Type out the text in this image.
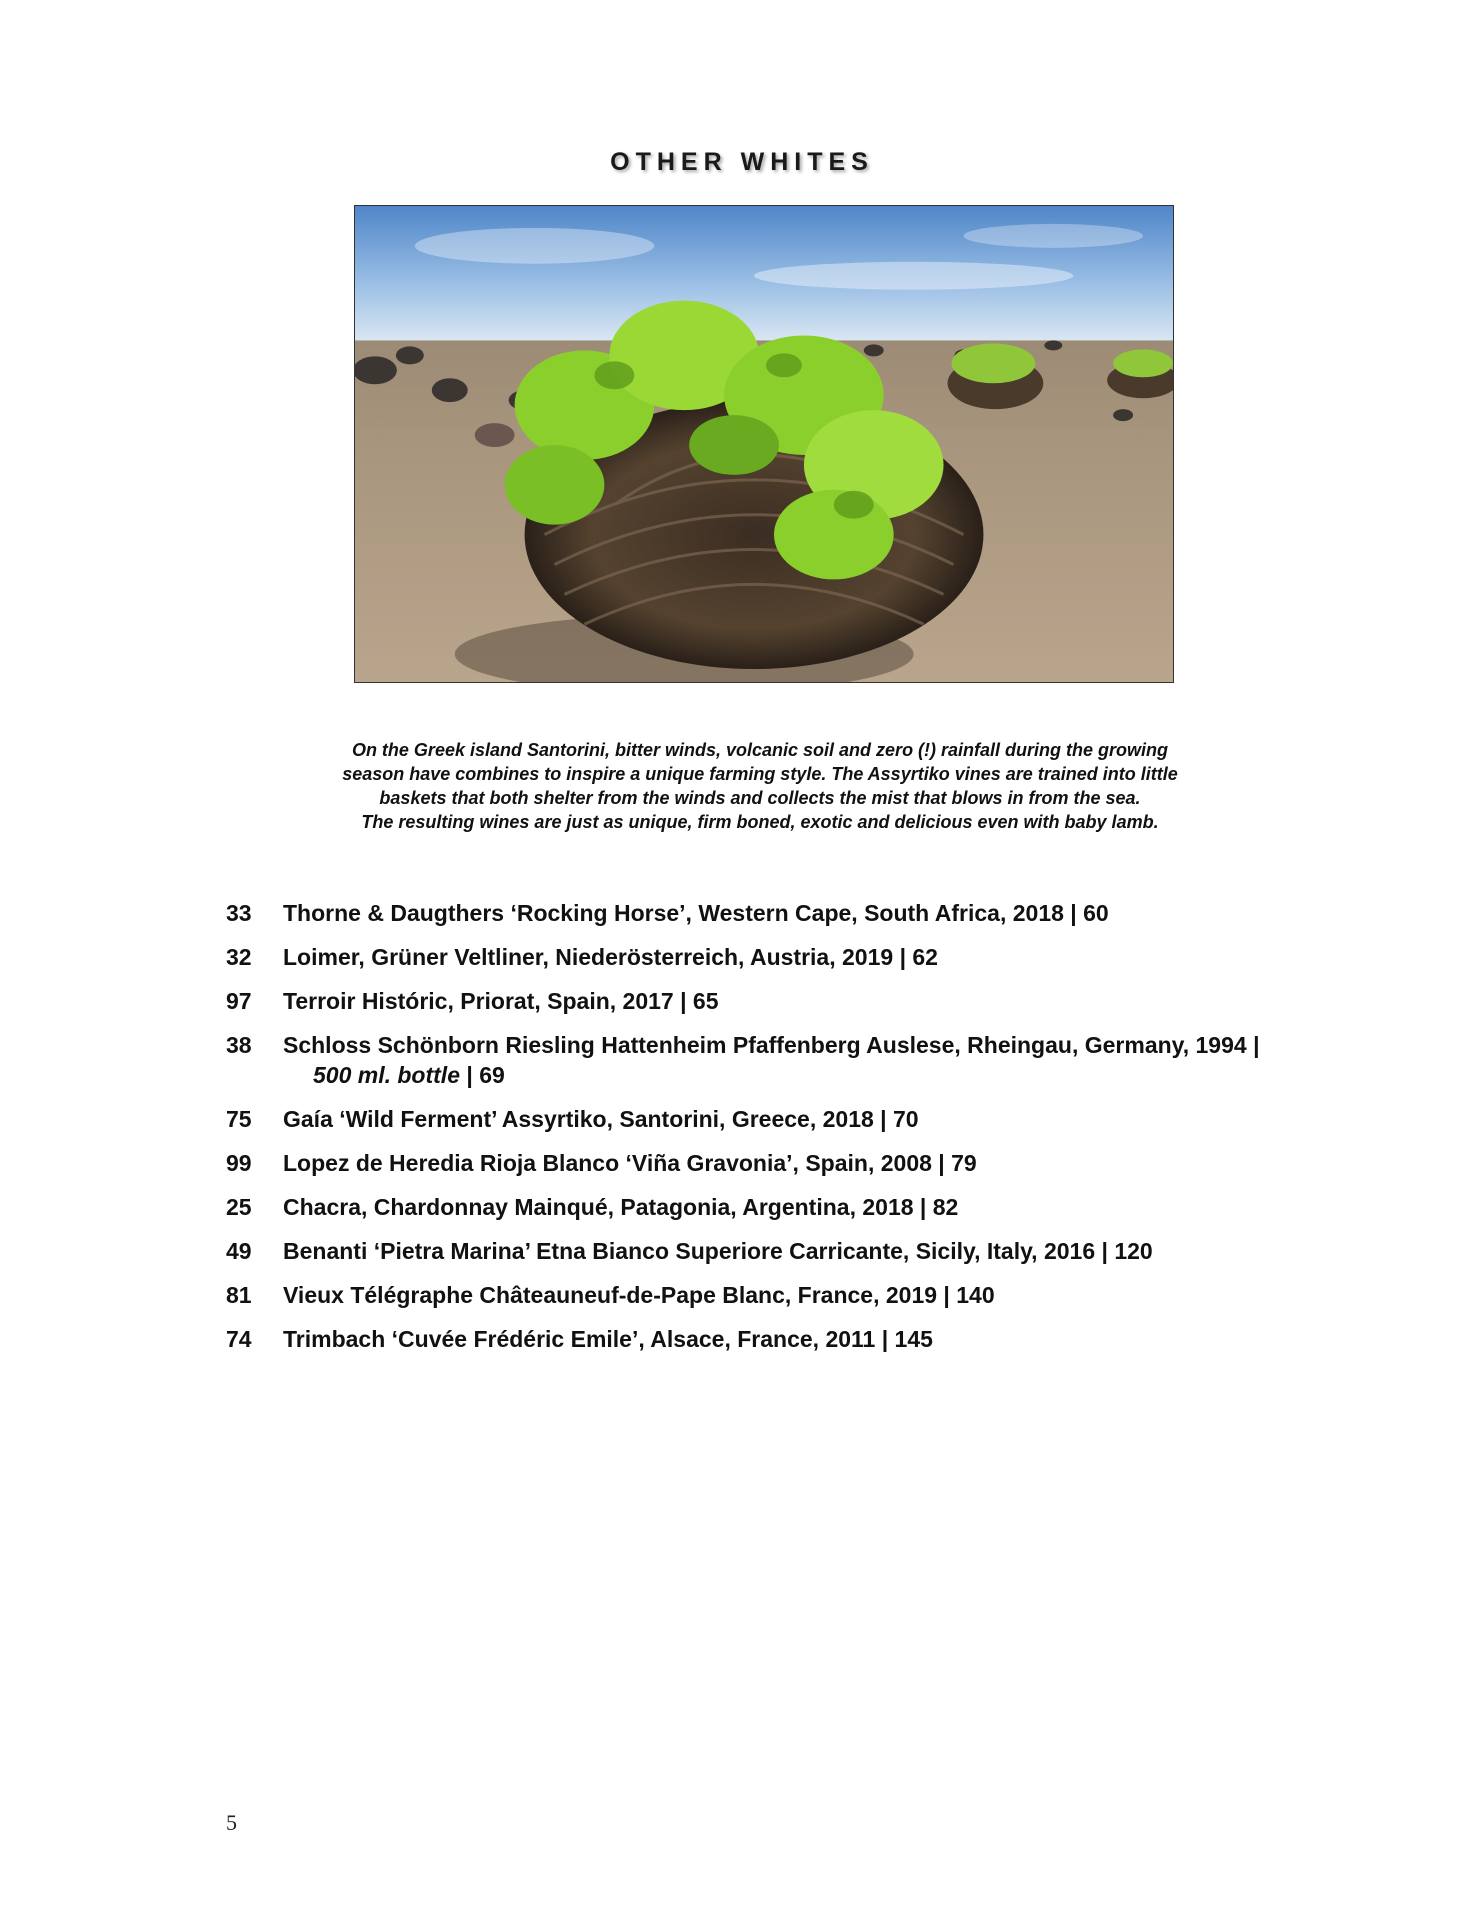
OTHER WHITES
On the Greek island Santorini, bitter winds, volcanic soil and zero (!) rainfall during the growing
season have combines to inspire a unique farming style. The Assyrtiko vines are trained into little
baskets that both shelter from the winds and collects the mist that blows in from the sea.
The resulting wines are just as unique, firm boned, exotic and delicious even with baby lamb.
33	Thorne & Daugthers ‘Rocking Horse’, Western Cape, South Africa, 2018 | 60
32	Loimer, Grüner Veltliner, Niederösterreich, Austria, 2019 | 62
97	Terroir Históric, Priorat, Spain, 2017 | 65
38	Schloss Schönborn Riesling Hattenheim Pfaffenberg Auslese, Rheingau, Germany, 1994 |
500 ml. bottle | 69
75	Gaía ‘Wild Ferment’ Assyrtiko, Santorini, Greece, 2018 | 70
99	Lopez de Heredia Rioja Blanco ‘Viña Gravonia’, Spain, 2008 | 79
25	Chacra, Chardonnay Mainqué, Patagonia, Argentina, 2018 | 82
49	Benanti ‘Pietra Marina’ Etna Bianco Superiore Carricante, Sicily, Italy, 2016 | 120
81	Vieux Télégraphe Châteauneuf-de-Pape Blanc, France, 2019 | 140
74	Trimbach ‘Cuvée Frédéric Emile’, Alsace, France, 2011 | 145
5
